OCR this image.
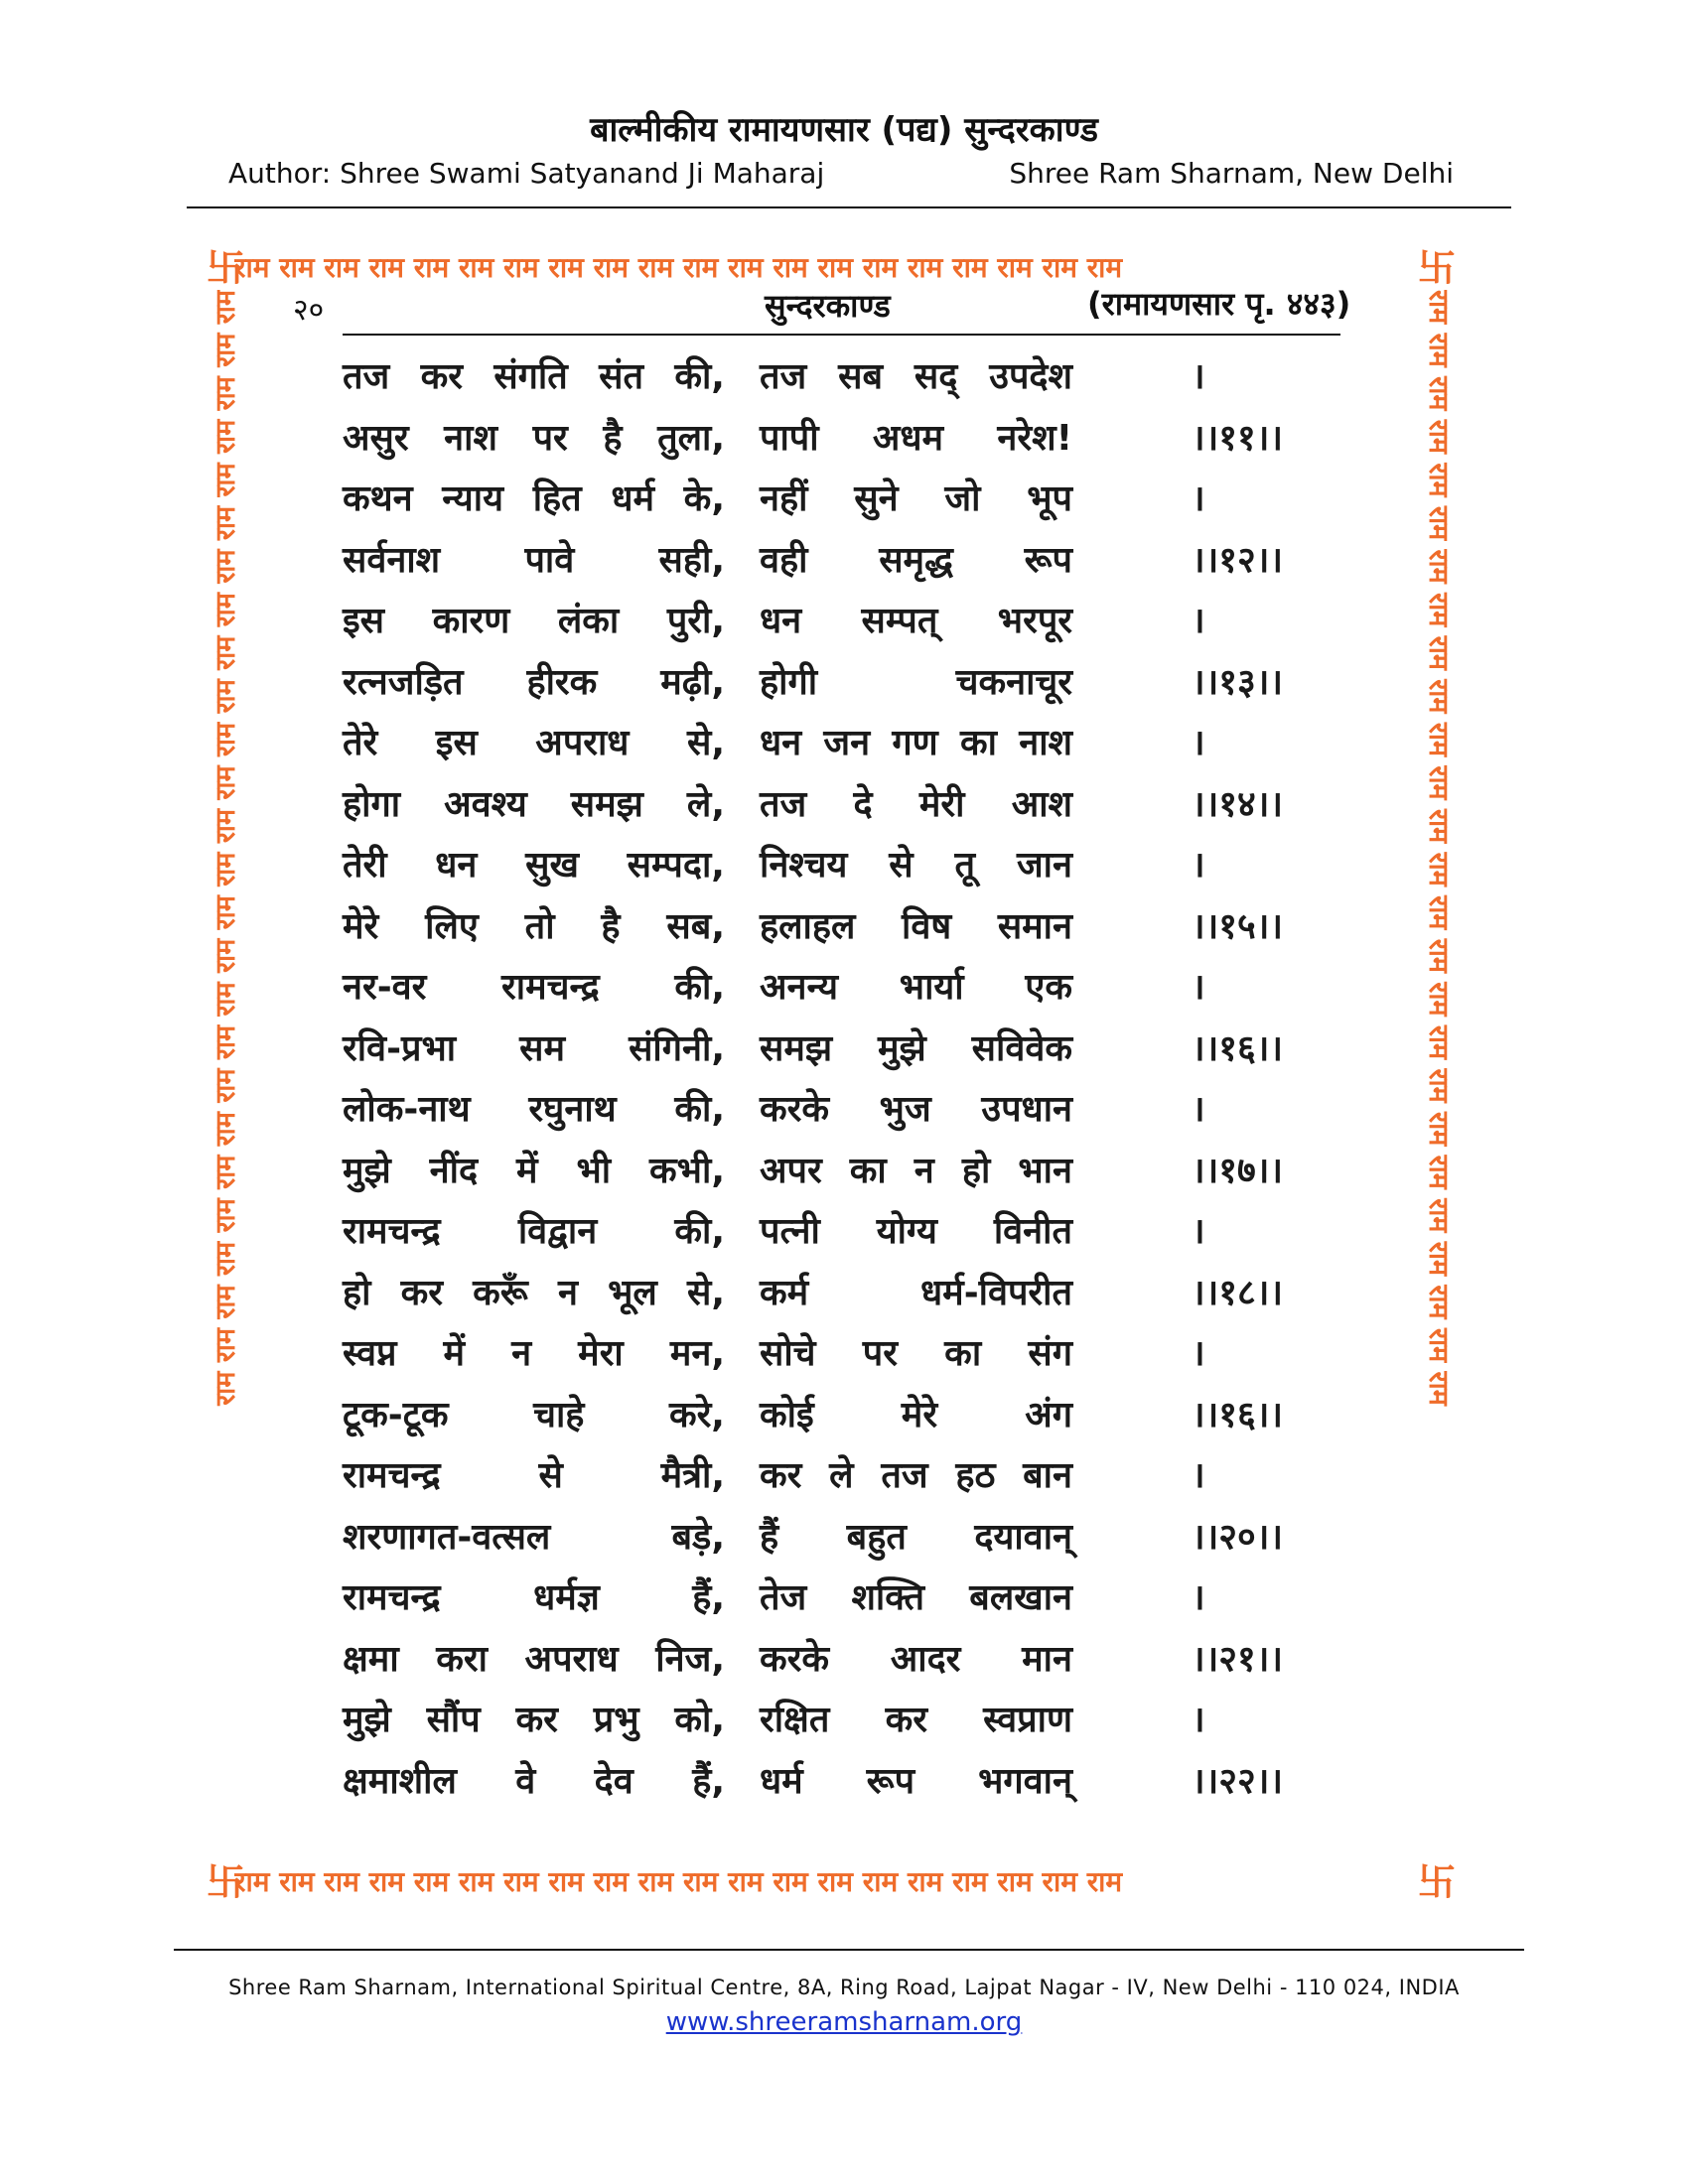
बाल्मीकीय रामायणसार (पद्य) सुन्दरकाण्ड
Author: Shree Swami Satyanand Ji Maharaj	Shree Ram Sharnam, New Delhi
राम राम राम राम राम राम राम राम राम राम राम राम राम राम राम राम राम राम राम राम
राम राम राम राम राम राम राम राम राम राम राम राम राम राम राम राम राम राम राम राम
राम राम राम राम राम राम राम राम राम राम राम राम राम राम राम राम राम राम राम राम राम राम राम राम राम राम	राम राम राम राम राम राम राम राम राम राम राम राम राम राम राम राम राम राम राम राम राम राम राम राम राम राम
卐	卐
卐	卐
२०	सुन्दरकाण्ड	(रामायणसार पृ. ४४३)
तज कर संगति संत की, तज सब सद् उपदेश	।
असुर नाश पर है तुला, पापी अधम नरेश!	।।११।।
कथन न्याय हित धर्म के, नहीं सुने जो भूप	।
सर्वनाश पावे सही, वही समृद्ध रूप	।।१२।।
इस कारण लंका पुरी, धन सम्पत् भरपूर	।
रत्नजड़ित हीरक मढ़ी, होगी चकनाचूर	।।१३।।
तेरे इस अपराध से, धन जन गण का नाश	।
होगा अवश्य समझ ले, तज दे मेरी आश	।।१४।।
तेरी धन सुख सम्पदा, निश्चय से तू जान	।
मेरे लिए तो है सब, हलाहल विष समान	।।१५।।
नर-वर रामचन्द्र की, अनन्य भार्या एक	।
रवि-प्रभा सम संगिनी, समझ मुझे सविवेक	।।१६।।
लोक-नाथ रघुनाथ की, करके भुज उपधान	।
मुझे नींद में भी कभी, अपर का न हो भान	।।१७।।
रामचन्द्र विद्वान की, पत्नी योग्य विनीत	।
हो कर करूँ न भूल से, कर्म धर्म-विपरीत	।।१८।।
स्वप्न में न मेरा मन, सोचे पर का संग	।
टूक-टूक चाहे करे, कोई मेरे अंग	।।१६।।
रामचन्द्र से मैत्री, कर ले तज हठ बान	।
शरणागत-वत्सल बड़े, हैं बहुत दयावान्	।।२०।।
रामचन्द्र धर्मज्ञ हैं, तेज शक्ति बलखान	।
क्षमा करा अपराध निज, करके आदर मान	।।२१।।
मुझे सौंप कर प्रभु को, रक्षित कर स्वप्राण	।
क्षमाशील वे देव हैं, धर्म रूप भगवान्	।।२२।।
Shree Ram Sharnam, International Spiritual Centre, 8A, Ring Road, Lajpat Nagar - IV, New Delhi - 110 024, INDIA
www.shreeramsharnam.org
